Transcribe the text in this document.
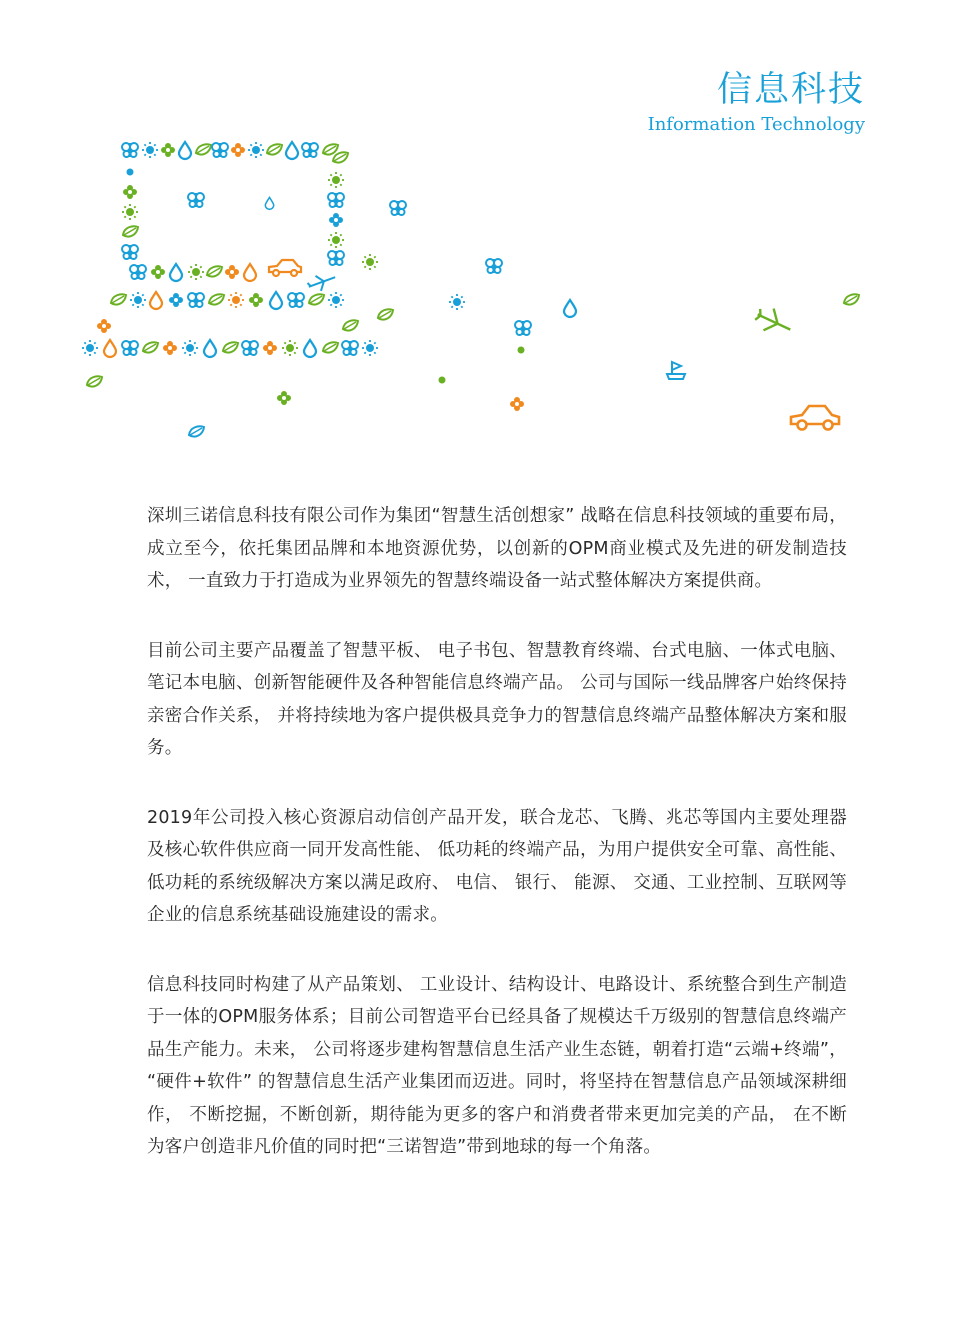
信息科技
Information Technology

深圳三诺信息科技有限公司作为集团“智慧生活创想家” 战略在信息科技领域的重要布局，成立至今，依托集团品牌和本地资源优势，以创新的OPM商业模式及先进的研发制造技术， 一直致力于打造成为业界领先的智慧终端设备一站式整体解决方案提供商。

目前公司主要产品覆盖了智慧平板、 电子书包、智慧教育终端、台式电脑、一体式电脑、笔记本电脑、创新智能硬件及各种智能信息终端产品。 公司与国际一线品牌客户始终保持亲密合作关系， 并将持续地为客户提供极具竞争力的智慧信息终端产品整体解决方案和服务。

2019年公司投入核心资源启动信创产品开发，联合龙芯、飞腾、兆芯等国内主要处理器及核心软件供应商一同开发高性能、 低功耗的终端产品，为用户提供安全可靠、高性能、 低功耗的系统级解决方案以满足政府、 电信、 银行、 能源、 交通、工业控制、互联网等企业的信息系统基础设施建设的需求。

信息科技同时构建了从产品策划、 工业设计、结构设计、电路设计、系统整合到生产制造于一体的OPM服务体系；目前公司智造平台已经具备了规模达千万级别的智慧信息终端产品生产能力。未来， 公司将逐步建构智慧信息生活产业生态链，朝着打造“云端+终端”， “硬件+软件” 的智慧信息生活产业集团而迈进。同时，将坚持在智慧信息产品领域深耕细作， 不断挖掘，不断创新，期待能为更多的客户和消费者带来更加完美的产品， 在不断为客户创造非凡价值的同时把“三诺智造”带到地球的每一个角落。
